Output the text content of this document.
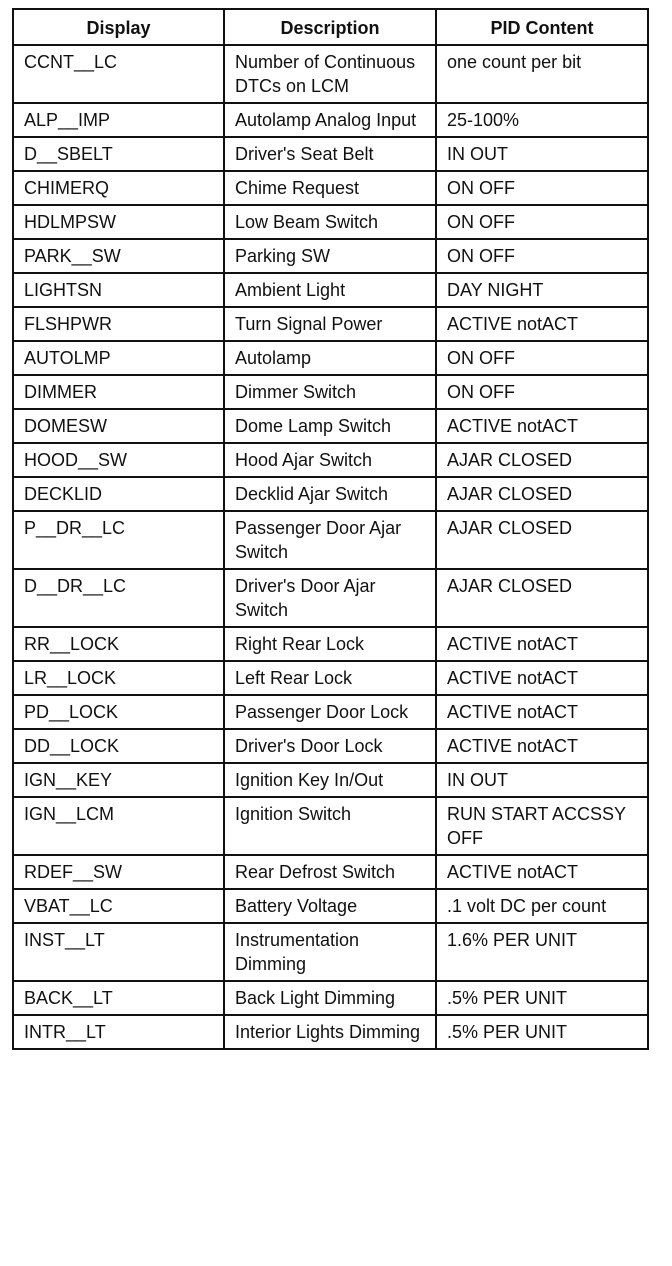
Display	Description	PID Content
CCNT__LC	Number of Continuous DTCs on LCM	one count per bit
ALP__IMP	Autolamp Analog Input	25-100%
D__SBELT	Driver's Seat Belt	IN OUT
CHIMERQ	Chime Request	ON OFF
HDLMPSW	Low Beam Switch	ON OFF
PARK__SW	Parking SW	ON OFF
LIGHTSN	Ambient Light	DAY NIGHT
FLSHPWR	Turn Signal Power	ACTIVE notACT
AUTOLMP	Autolamp	ON OFF
DIMMER	Dimmer Switch	ON OFF
DOMESW	Dome Lamp Switch	ACTIVE notACT
HOOD__SW	Hood Ajar Switch	AJAR CLOSED
DECKLID	Decklid Ajar Switch	AJAR CLOSED
P__DR__LC	Passenger Door Ajar Switch	AJAR CLOSED
D__DR__LC	Driver's Door Ajar Switch	AJAR CLOSED
RR__LOCK	Right Rear Lock	ACTIVE notACT
LR__LOCK	Left Rear Lock	ACTIVE notACT
PD__LOCK	Passenger Door Lock	ACTIVE notACT
DD__LOCK	Driver's Door Lock	ACTIVE notACT
IGN__KEY	Ignition Key In/Out	IN OUT
IGN__LCM	Ignition Switch	RUN START ACCSSY OFF
RDEF__SW	Rear Defrost Switch	ACTIVE notACT
VBAT__LC	Battery Voltage	.1 volt DC per count
INST__LT	Instrumentation Dimming	1.6% PER UNIT
BACK__LT	Back Light Dimming	.5% PER UNIT
INTR__LT	Interior Lights Dimming	.5% PER UNIT
